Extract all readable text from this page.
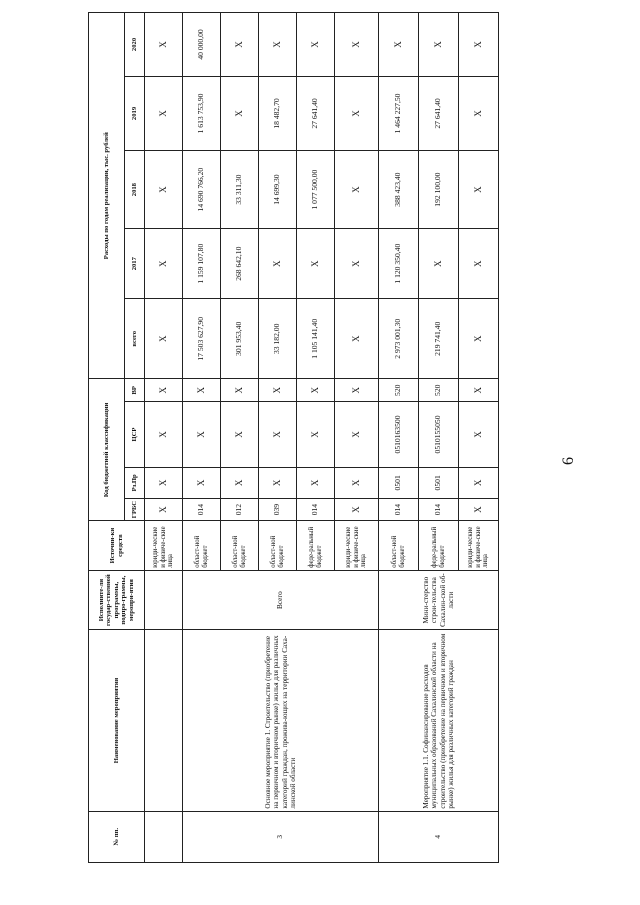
6
№ пп.	Наименование мероприятия	Исполните-ли государ-ственной программы, подпро-граммы, меропри-ятия	Источни-ки средств	Код бюджетной классификации				Расходы по годам реализации, тыс. рублей				
				ГРБС	Рз.Пр	ЦСР	ВР	всего	2017	2018	2019	2020
			юриди-ческие и физиче-ские лица	X	X	X	X	X	X	X	X	X
3	Основное мероприятие 1. Строительство (приобретение на первичном и вторичном рынке) жилья для различных категорий граждан, прожива-ющих на территории Саха-линской области	Всего	област-ной бюджет	014	X	X	X	17 503 627,90	1 159 107,80	14 690 766,20	1 613 753,90	40 000,00
			област-ной бюджет	012	X	X	X	301 953,40	268 642,10	33 311,30	X	X
			област-ной бюджет	039	X	X	X	33 182,00	X	14 699,30	18 482,70	X
			феде-ральный бюджет	014	X	X	X	1 105 141,40	X	1 077 500,00	27 641,40	X
			юриди-ческие и физиче-ские лица	X	X	X	X	X	X	X	X	X
4	Мероприятие 1.1. Софинансирование расходов муниципальных образований Сахалинской области на строительство (приобретение на первичном и вторичном рынке) жилья для различных категорий граждан	Мини-стерство строи-тельства Сахалин-ской об-ласти	област-ной бюджет	014	0501	0510163500	520	2 973 001,30	1 120 350,40	388 423,40	1 464 227,50	X
			феде-ральный бюджет	014	0501	0510155050	520	219 741,40	X	192 100,00	27 641,40	X
			юриди-ческие и физиче-ские лица	X	X	X	X	X	X	X	X	X
